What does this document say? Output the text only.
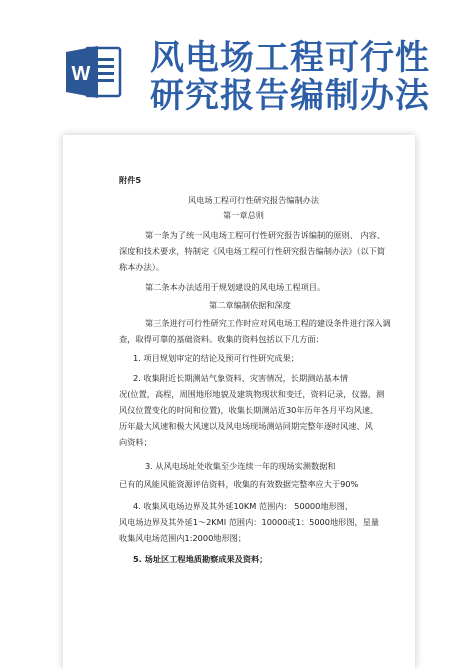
W 风电场工程可行性
研究报告编制办法
附件5
风电场工程可行性研究报告编制办法
第一章总则
第一条为了统一风电场工程可行性研究报告诉编制的原则、 内容、
深度和技术要求，特制定《风电场工程可行性研究报告编制办法》（以下简
称本办法）。
第二条本办法适用于规划建设的风电场工程项目。
第二章编制依据和深度
第三条进行可行性研究工作时应对风电场工程的建设条件进行深入调
查，取得可靠的基础资料。收集的资料包括以下几方面：
1. 项目规划审定的结论及预可行性研究成果；
2. 收集附近长期测站气象资料、灾害情况，长期测站基本情
况(位置，高程，周围地形地貌及建筑物现状和变迁，资料记录，仪器，测
风仪位置变化的时间和位置)，收集长期测站近30年历年各月平均风速、
历年最大风速和极大风速以及风电场现场测站同期完整年逐时风速、风
向资料；
3. 从风电场址处收集至少连续一年的现场实测数据和
已有的风能风能资源评估资料，收集的有效数据完整率应大于90%
4. 收集风电场边界及其外延10KM 范围内： 50000地形图，
风电场边界及其外延1～2KMI 范围内：10000或1：5000地形图，星量
收集风电场范围内1:2000地形图；
5. 场址区工程地质勘察成果及资料；
